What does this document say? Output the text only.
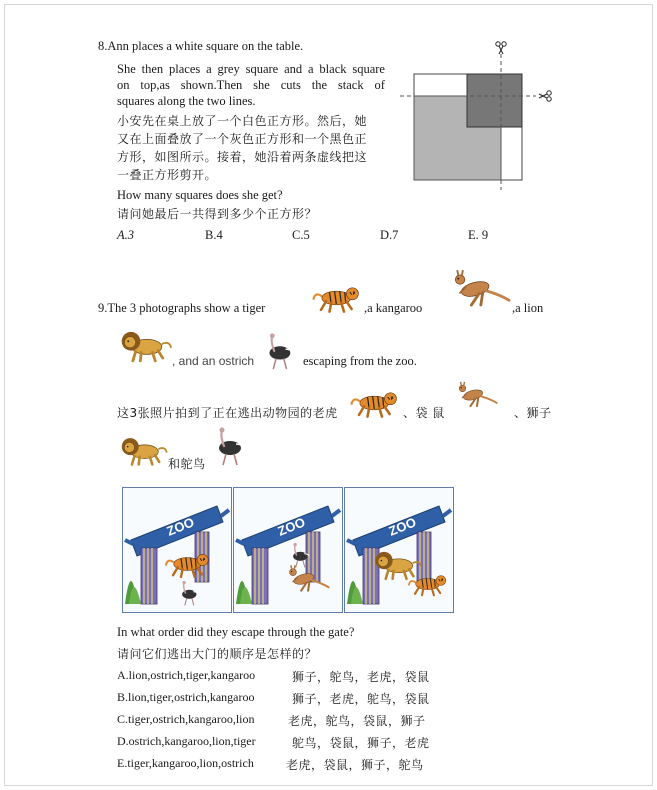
8.Ann places a white square on the table.
She then places a grey square and a black square
on top,as shown.Then she cuts the stack of
squares along the two lines.
小安先在桌上放了一个白色正方形。然后，她
又在上面叠放了一个灰色正方形和一个黑色正
方形，如图所示。接着，她沿着两条虚线把这
一叠正方形剪开。
How many squares does she get?
请问她最后一共得到多少个正方形？
A.3	B.4	C.5	D.7	E. 9
9.The 3 photographs show a tiger	,a kangaroo	,a lion
, and an ostrich	escaping from the zoo.
这3张照片拍到了正在逃出动物园的老虎	、袋 鼠	、狮子
和鸵鸟
ZOO	ZOO	ZOO
In what order did they escape through the gate?
请问它们逃出大门的顺序是怎样的？
A.lion,ostrich,tiger,kangaroo	狮子，鸵鸟，老虎，袋鼠
B.lion,tiger,ostrich,kangaroo	狮子，老虎，鸵鸟，袋鼠
C.tiger,ostrich,kangaroo,lion	老虎，鸵鸟，袋鼠，狮子
D.ostrich,kangaroo,lion,tiger	鸵鸟，袋鼠，狮子，老虎
E.tiger,kangaroo,lion,ostrich	老虎，袋鼠，狮子，鸵鸟
